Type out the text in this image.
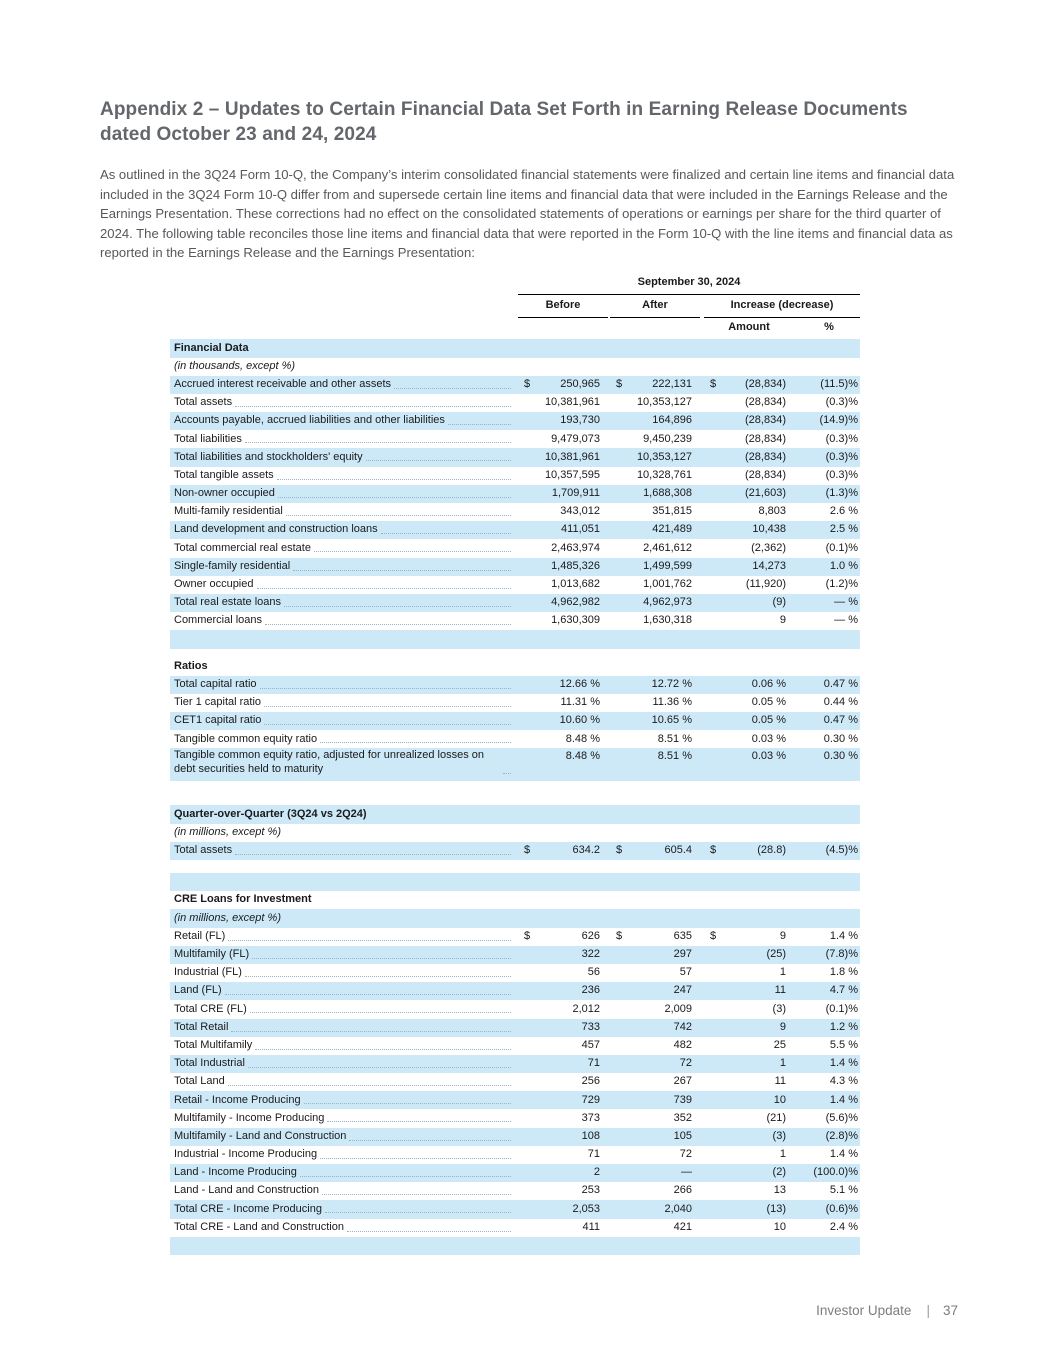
Appendix 2 – Updates to Certain Financial Data Set Forth in Earning Release Documents dated October 23 and 24, 2024

As outlined in the 3Q24 Form 10-Q, the Company’s interim consolidated financial statements were finalized and certain line items and financial data included in the 3Q24 Form 10-Q differ from and supersede certain line items and financial data that were included in the Earnings Release and the Earnings Presentation. These corrections had no effect on the consolidated statements of operations or earnings per share for the third quarter of 2024. The following table reconciles those line items and financial data that were reported in the Form 10-Q with the line items and financial data as reported in the Earnings Release and the Earnings Presentation:

September 30, 2024
Before	After	Increase (decrease)
Amount	%
Financial Data
(in thousands, except %)
Accrued interest receivable and other assets	$	250,965 $	222,131 $	(28,834)	(11.5)%
Total assets	10,381,961	10,353,127	(28,834)	(0.3)%
Accounts payable, accrued liabilities and other liabilities	193,730	164,896	(28,834)	(14.9)%
Total liabilities	9,479,073	9,450,239	(28,834)	(0.3)%
Total liabilities and stockholders' equity	10,381,961	10,353,127	(28,834)	(0.3)%
Total tangible assets	10,357,595	10,328,761	(28,834)	(0.3)%
Non-owner occupied	1,709,911	1,688,308	(21,603)	(1.3)%
Multi-family residential	343,012	351,815	8,803	2.6 %
Land development and construction loans	411,051	421,489	10,438	2.5 %
Total commercial real estate	2,463,974	2,461,612	(2,362)	(0.1)%
Single-family residential	1,485,326	1,499,599	14,273	1.0 %
Owner occupied	1,013,682	1,001,762	(11,920)	(1.2)%
Total real estate loans	4,962,982	4,962,973	(9)	— %
Commercial loans	1,630,309	1,630,318	9	— %
Ratios
Total capital ratio	12.66 %	12.72 %	0.06 %	0.47 %
Tier 1 capital ratio	11.31 %	11.36 %	0.05 %	0.44 %
CET1 capital ratio	10.60 %	10.65 %	0.05 %	0.47 %
Tangible common equity ratio	8.48 %	8.51 %	0.03 %	0.30 %
Tangible common equity ratio, adjusted for unrealized losses on debt securities held to maturity
8.48 %	8.51 %	0.03 %	0.30 %
Quarter-over-Quarter (3Q24 vs 2Q24)
(in millions, except %)
Total assets	$	634.2 $	605.4 $	(28.8)	(4.5)%
CRE Loans for Investment
(in millions, except %)
Retail (FL)	$	626 $	635 $	9	1.4 %
Multifamily (FL)	322	297	(25)	(7.8)%
Industrial (FL)	56	57	1	1.8 %
Land (FL)	236	247	11	4.7 %
Total CRE (FL)	2,012	2,009	(3)	(0.1)%
Total Retail	733	742	9	1.2 %
Total Multifamily	457	482	25	5.5 %
Total Industrial	71	72	1	1.4 %
Total Land	256	267	11	4.3 %
Retail - Income Producing	729	739	10	1.4 %
Multifamily - Income Producing	373	352	(21)	(5.6)%
Multifamily - Land and Construction	108	105	(3)	(2.8)%
Industrial - Income Producing	71	72	1	1.4 %
Land - Income Producing	2	—	(2)	(100.0)%
Land - Land and Construction	253	266	13	5.1 %
Total CRE - Income Producing	2,053	2,040	(13)	(0.6)%
Total CRE - Land and Construction	411	421	10	2.4 %
Investor Update | 37
